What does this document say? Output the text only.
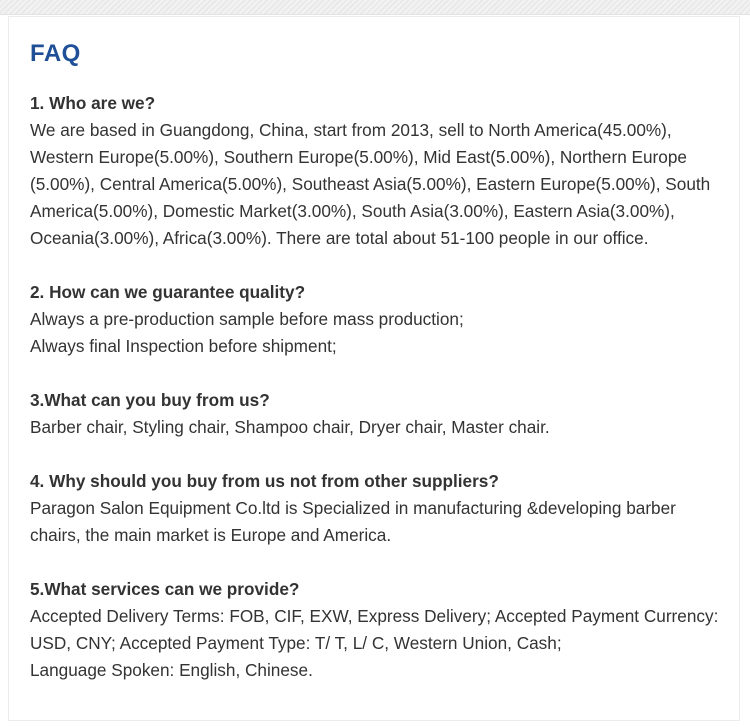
FAQ

1. Who are we?

We are based in Guangdong, China, start from 2013, sell to North America(45.00%), Western Europe(5.00%), Southern Europe(5.00%), Mid East(5.00%), Northern Europe (5.00%), Central America(5.00%), Southeast Asia(5.00%), Eastern Europe(5.00%), South America(5.00%), Domestic Market(3.00%), South Asia(3.00%), Eastern Asia(3.00%), Oceania(3.00%), Africa(3.00%). There are total about 51-100 people in our office.

2. How can we guarantee quality?

Always a pre-production sample before mass production;

Always final Inspection before shipment;

3.What can you buy from us?

Barber chair, Styling chair, Shampoo chair, Dryer chair, Master chair.

4. Why should you buy from us not from other suppliers?

Paragon Salon Equipment Co.ltd is Specialized in manufacturing &developing barber chairs, the main market is Europe and America.

5.What services can we provide?

Accepted Delivery Terms: FOB, CIF, EXW, Express Delivery; Accepted Payment Currency: USD, CNY; Accepted Payment Type: T/ T, L/ C, Western Union, Cash;

Language Spoken: English, Chinese.
